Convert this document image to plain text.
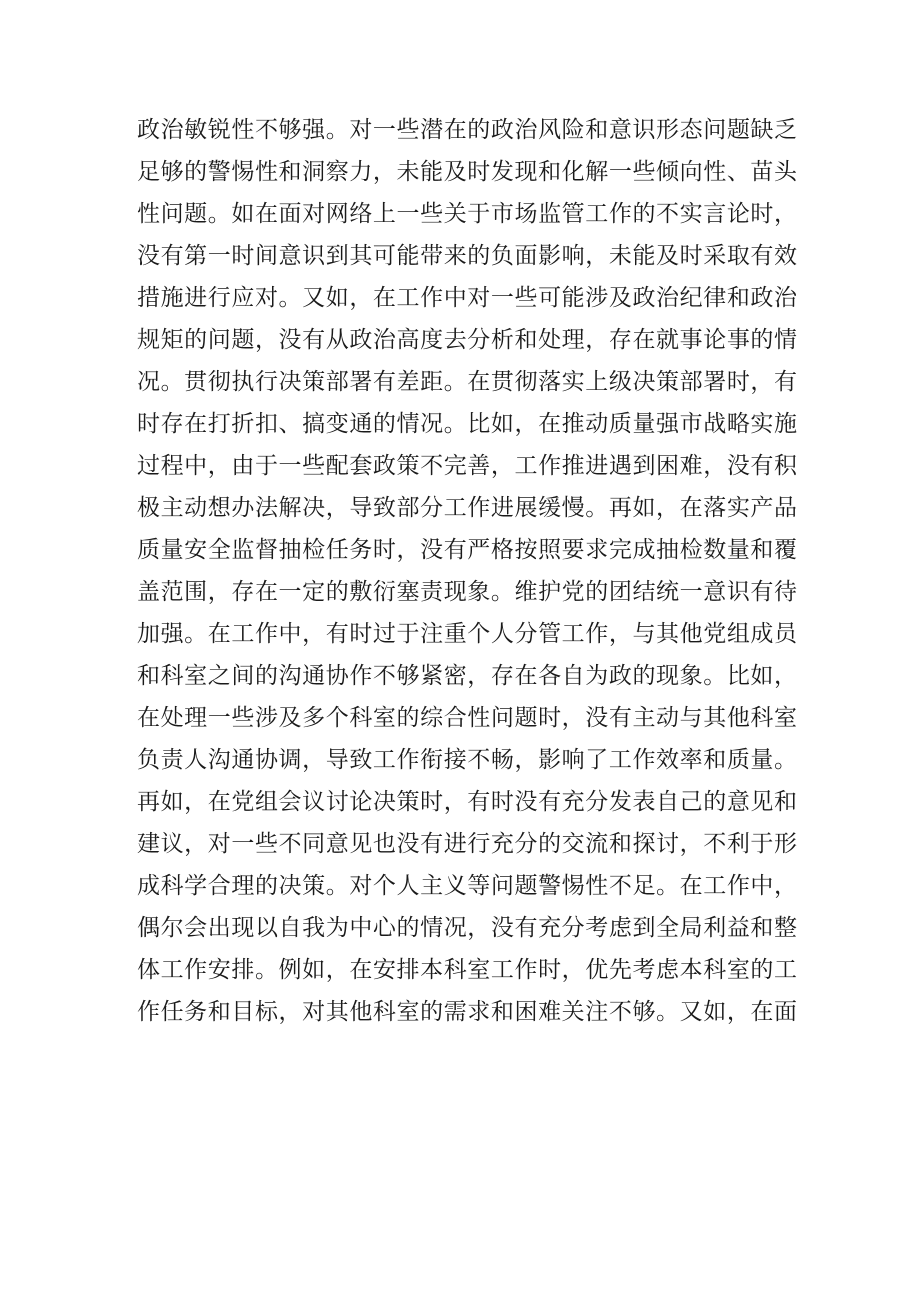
政治敏锐性不够强。对一些潜在的政治风险和意识形态问题缺乏
足够的警惕性和洞察力，未能及时发现和化解一些倾向性、苗头
性问题。如在面对网络上一些关于市场监管工作的不实言论时，
没有第一时间意识到其可能带来的负面影响，未能及时采取有效
措施进行应对。又如，在工作中对一些可能涉及政治纪律和政治
规矩的问题，没有从政治高度去分析和处理，存在就事论事的情
况。贯彻执行决策部署有差距。在贯彻落实上级决策部署时，有
时存在打折扣、搞变通的情况。比如，在推动质量强市战略实施
过程中，由于一些配套政策不完善，工作推进遇到困难，没有积
极主动想办法解决，导致部分工作进展缓慢。再如，在落实产品
质量安全监督抽检任务时，没有严格按照要求完成抽检数量和覆
盖范围，存在一定的敷衍塞责现象。维护党的团结统一意识有待
加强。在工作中，有时过于注重个人分管工作，与其他党组成员
和科室之间的沟通协作不够紧密，存在各自为政的现象。比如，
在处理一些涉及多个科室的综合性问题时，没有主动与其他科室
负责人沟通协调，导致工作衔接不畅，影响了工作效率和质量。
再如，在党组会议讨论决策时，有时没有充分发表自己的意见和
建议，对一些不同意见也没有进行充分的交流和探讨，不利于形
成科学合理的决策。对个人主义等问题警惕性不足。在工作中，
偶尔会出现以自我为中心的情况，没有充分考虑到全局利益和整
体工作安排。例如，在安排本科室工作时，优先考虑本科室的工
作任务和目标，对其他科室的需求和困难关注不够。又如，在面
